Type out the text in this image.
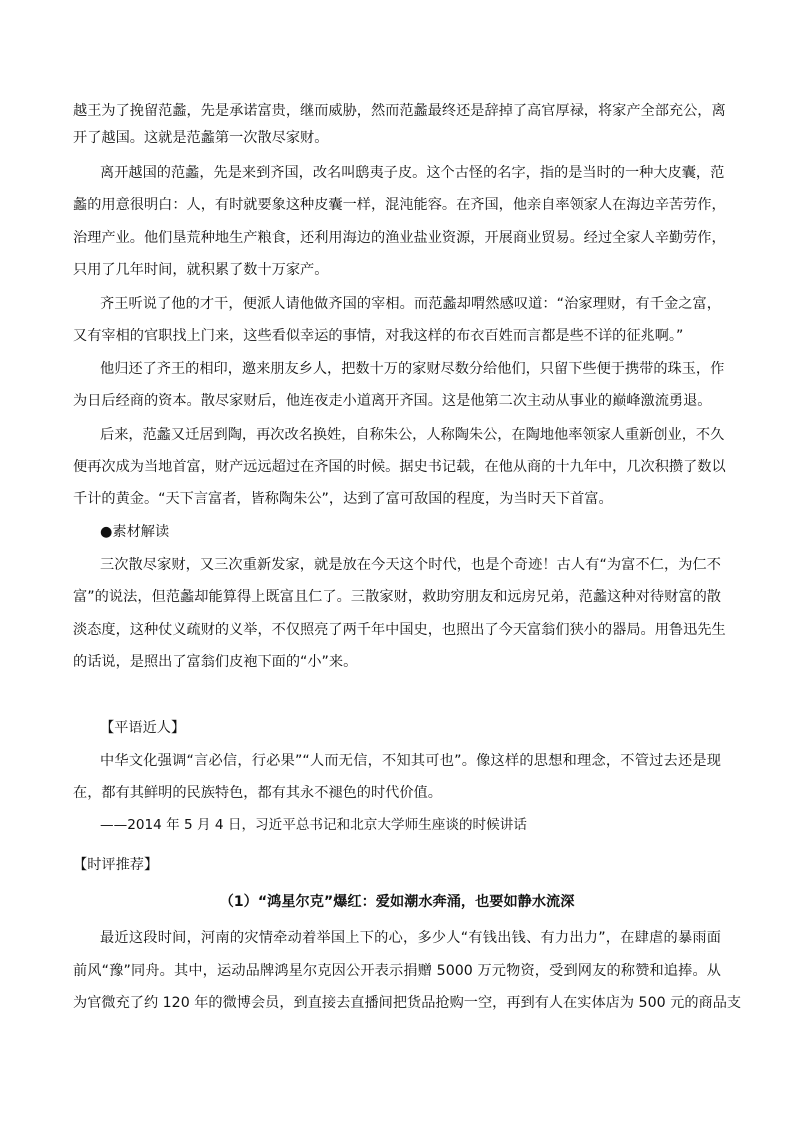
越王为了挽留范蠡，先是承诺富贵，继而威胁，然而范蠡最终还是辞掉了高官厚禄，将家产全部充公，离
开了越国。这就是范蠡第一次散尽家财。
离开越国的范蠡，先是来到齐国，改名叫鸱夷子皮。这个古怪的名字，指的是当时的一种大皮囊，范
蠡的用意很明白：人，有时就要象这种皮囊一样，混沌能容。在齐国，他亲自率领家人在海边辛苦劳作，
治理产业。他们垦荒种地生产粮食，还利用海边的渔业盐业资源，开展商业贸易。经过全家人辛勤劳作，
只用了几年时间，就积累了数十万家产。
齐王听说了他的才干，便派人请他做齐国的宰相。而范蠡却喟然感叹道：“治家理财，有千金之富，
又有宰相的官职找上门来，这些看似幸运的事情，对我这样的布衣百姓而言都是些不详的征兆啊。”
他归还了齐王的相印，邀来朋友乡人，把数十万的家财尽数分给他们，只留下些便于携带的珠玉，作
为日后经商的资本。散尽家财后，他连夜走小道离开齐国。这是他第二次主动从事业的巅峰激流勇退。
后来，范蠡又迁居到陶，再次改名换姓，自称朱公，人称陶朱公，在陶地他率领家人重新创业，不久
便再次成为当地首富，财产远远超过在齐国的时候。据史书记载，在他从商的十九年中，几次积攒了数以
千计的黄金。“天下言富者，皆称陶朱公”，达到了富可敌国的程度，为当时天下首富。
●素材解读
三次散尽家财，又三次重新发家，就是放在今天这个时代，也是个奇迹！古人有“为富不仁，为仁不
富”的说法，但范蠡却能算得上既富且仁了。三散家财，救助穷朋友和远房兄弟，范蠡这种对待财富的散
淡态度，这种仗义疏财的义举，不仅照亮了两千年中国史，也照出了今天富翁们狭小的器局。用鲁迅先生
的话说，是照出了富翁们皮袍下面的“小”来。
【平语近人】
中华文化强调“言必信，行必果”“人而无信，不知其可也”。像这样的思想和理念，不管过去还是现
在，都有其鲜明的民族特色，都有其永不褪色的时代价值。
——2014 年 5 月 4 日，习近平总书记和北京大学师生座谈的时候讲话
【时评推荐】
（1）“鸿星尔克”爆红：爱如潮水奔涌，也要如静水流深
最近这段时间，河南的灾情牵动着举国上下的心，多少人“有钱出钱、有力出力”，在肆虐的暴雨面
前风“豫”同舟。其中，运动品牌鸿星尔克因公开表示捐赠 5000 万元物资，受到网友的称赞和追捧。从
为官微充了约 120 年的微博会员，到直接去直播间把货品抢购一空，再到有人在实体店为 500 元的商品支
